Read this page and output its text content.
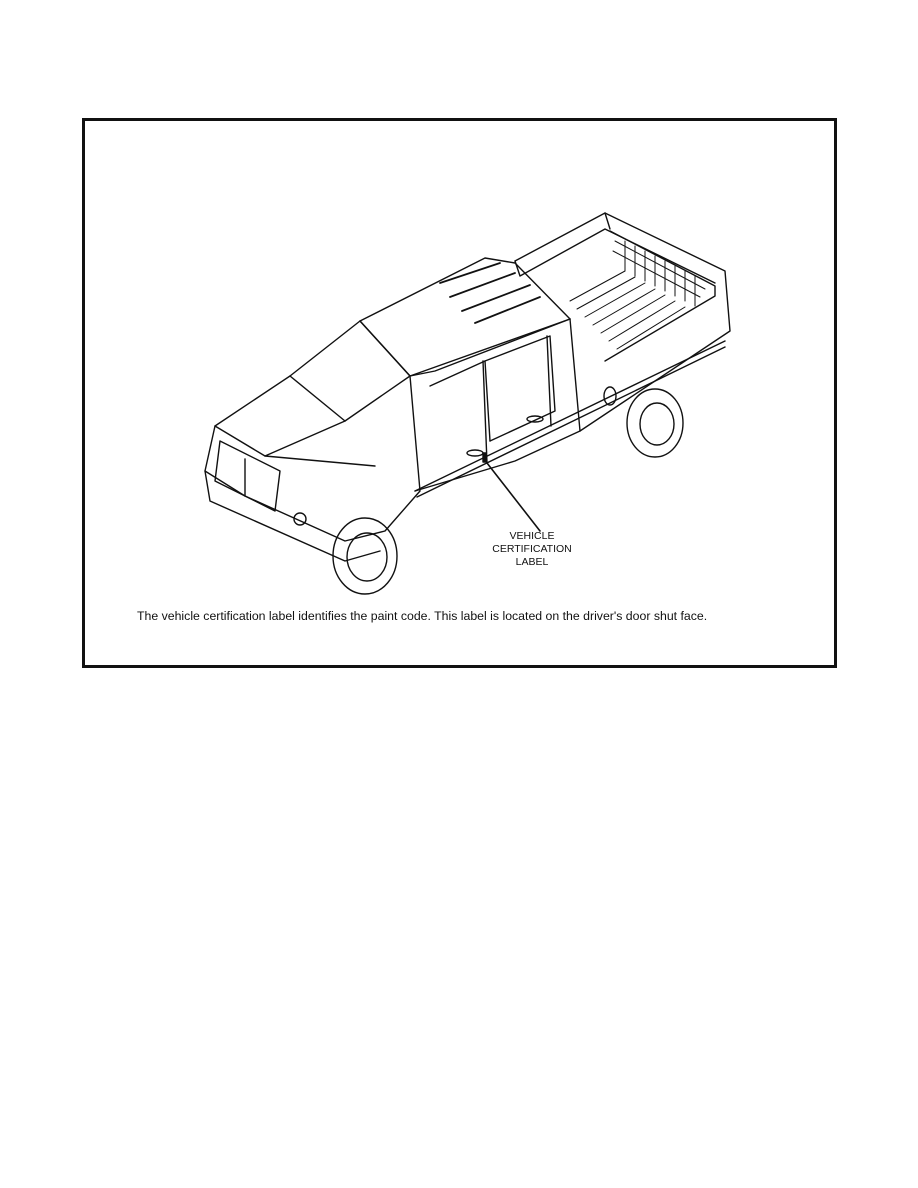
VEHICLE
CERTIFICATION
LABEL
The vehicle certification label identifies the paint code. This label is located on the driver's door shut face.
